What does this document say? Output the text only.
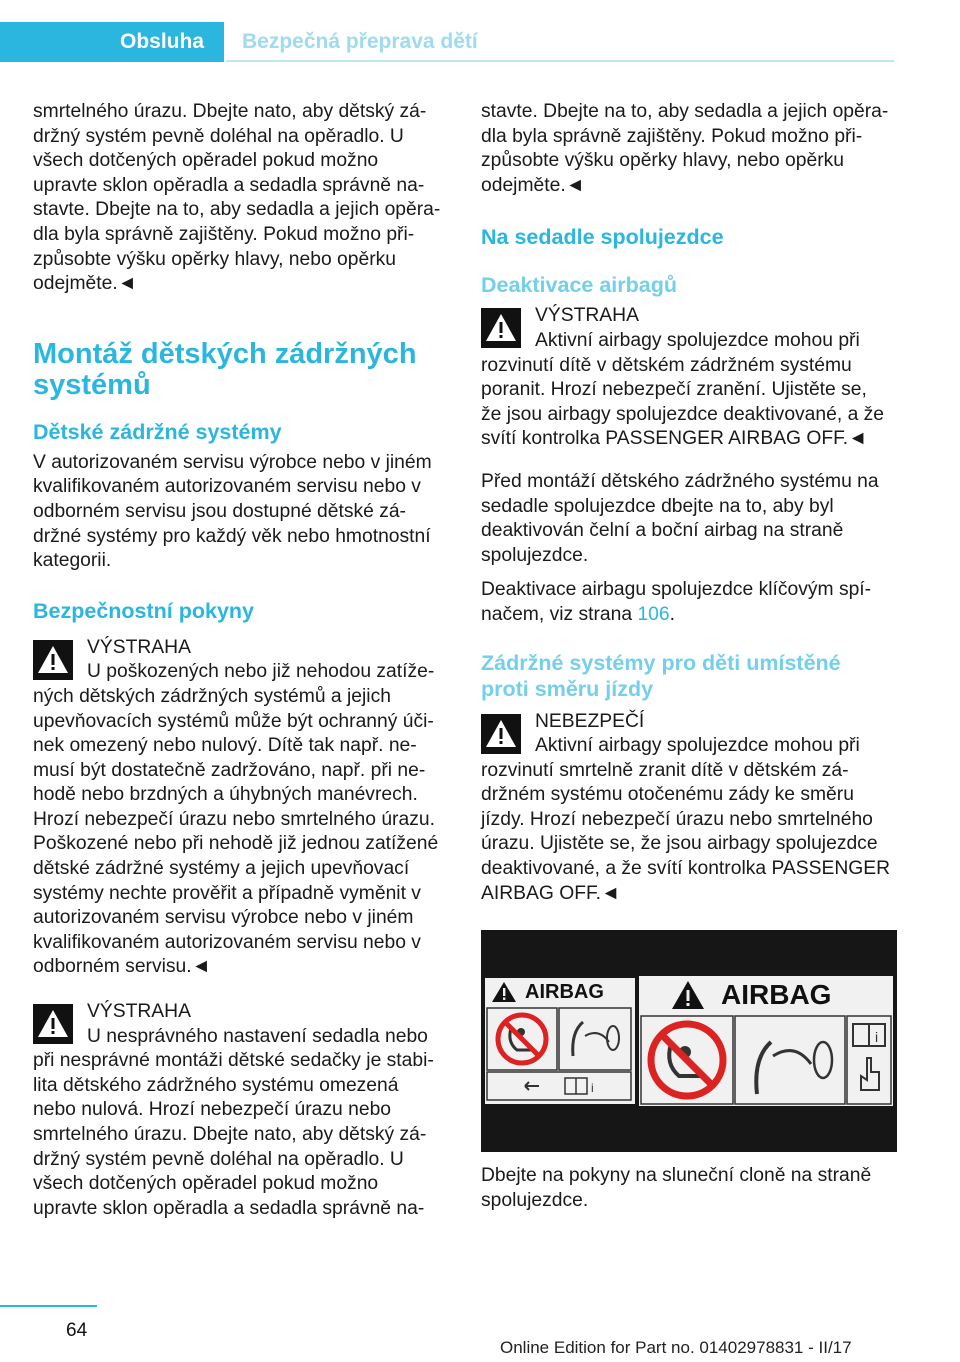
Obsluha	Bezpečná přeprava dětí

smrtelného úrazu. Dbejte nato, aby dětský zá‐
držný systém pevně doléhal na opěradlo. U
všech dotčených opěradel pokud možno
upravte sklon opěradla a sedadla správně na‐
stavte. Dbejte na to, aby sedadla a jejich opěra‐
dla byla správně zajištěny. Pokud možno při‐
způsobte výšku opěrky hlavy, nebo opěrku
odejměte.◄

Montáž dětských zádržných
systémů
Dětské zádržné systémy

V autorizovaném servisu výrobce nebo v jiném
kvalifikovaném autorizovaném servisu nebo v
odborném servisu jsou dostupné dětské zá‐
držné systémy pro každý věk nebo hmotnostní
kategorii.

Bezpečnostní pokyny
VÝSTRAHA
U poškozených nebo již nehodou zatíže‐
ných dětských zádržných systémů a jejich
upevňovacích systémů může být ochranný úči‐
nek omezený nebo nulový. Dítě tak např. ne‐
musí být dostatečně zadržováno, např. při ne‐
hodě nebo brzdných a úhybných manévrech.
Hrozí nebezpečí úrazu nebo smrtelného úrazu.
Poškozené nebo při nehodě již jednou zatížené
dětské zádržné systémy a jejich upevňovací
systémy nechte prověřit a případně vyměnit v
autorizovaném servisu výrobce nebo v jiném
kvalifikovaném autorizovaném servisu nebo v
odborném servisu.◄
VÝSTRAHA
U nesprávného nastavení sedadla nebo
při nesprávné montáži dětské sedačky je stabi‐
lita dětského zádržného systému omezená
nebo nulová. Hrozí nebezpečí úrazu nebo
smrtelného úrazu. Dbejte nato, aby dětský zá‐
držný systém pevně doléhal na opěradlo. U
všech dotčených opěradel pokud možno
upravte sklon opěradla a sedadla správně na‐

stavte. Dbejte na to, aby sedadla a jejich opěra‐
dla byla správně zajištěny. Pokud možno při‐
způsobte výšku opěrky hlavy, nebo opěrku
odejměte.◄

Na sedadle spolujezdce
Deaktivace airbagů
VÝSTRAHA
Aktivní airbagy spolujezdce mohou při
rozvinutí dítě v dětském zádržném systému
poranit. Hrozí nebezpečí zranění. Ujistěte se,
že jsou airbagy spolujezdce deaktivované, a že
svítí kontrolka PASSENGER AIRBAG OFF.◄

Před montáží dětského zádržného systému na
sedadle spolujezdce dbejte na to, aby byl
deaktivován čelní a boční airbag na straně
spolujezdce.

Deaktivace airbagu spolujezdce klíčovým spí‐
načem, viz strana 106.

Zádržné systémy pro děti umístěné
proti směru jízdy
NEBEZPEČÍ
Aktivní airbagy spolujezdce mohou při
rozvinutí smrtelně zranit dítě v dětském zá‐
držném systému otočenému zády ke směru
jízdy. Hrozí nebezpečí úrazu nebo smrtelného
úrazu. Ujistěte se, že jsou airbagy spolujezdce
deaktivované, a že svítí kontrolka PASSENGER
AIRBAG OFF.◄
AIRBAG
i
AIRBAG
i

Dbejte na pokyny na sluneční cloně na straně
spolujezdce.

64
Online Edition for Part no. 01402978831 - II/17
